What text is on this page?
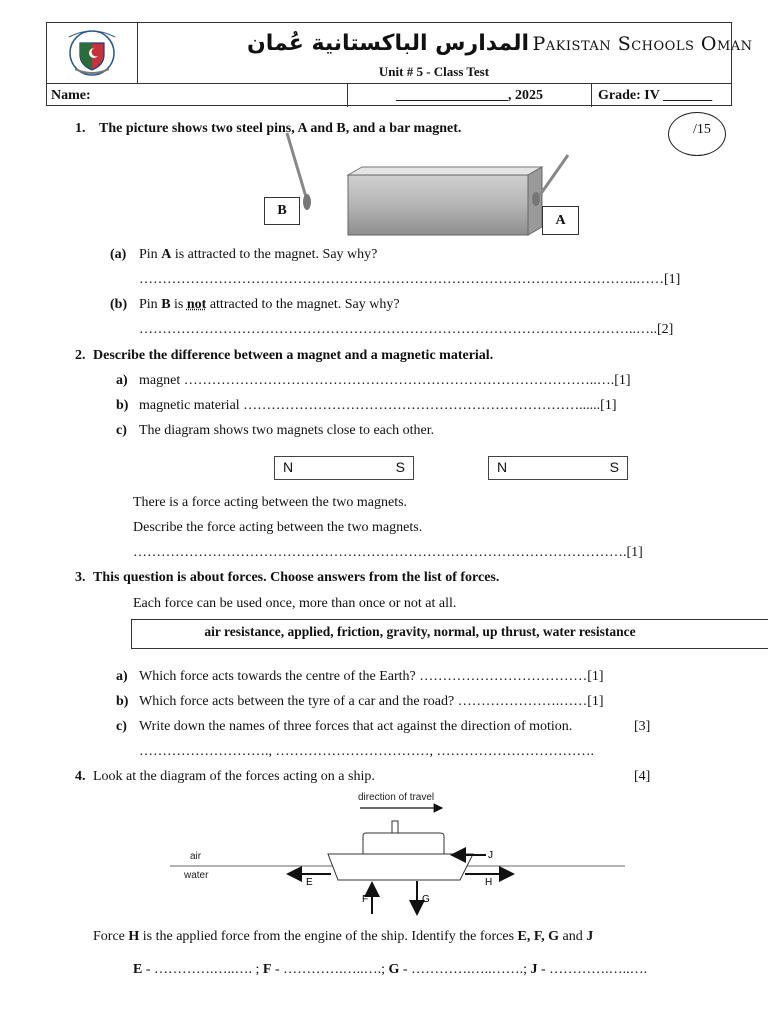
المدارس الباکستانیة عُمان Pakistan Schools Oman
Unit # 5 - Class Test
Name:	________________, 2025	Grade: IV _______
/15
1. The picture shows two steel pins, A and B, and a bar magnet.
B
A
(a) Pin A is attracted to the magnet. Say why?
……………………………………………………………………………………………..……[1]
(b) Pin B is not attracted to the magnet. Say why?
……………………………………………………………………………………………..…..[2]
2. Describe the difference between a magnet and a magnetic material.
a) magnet ……………………………………………………………………………..….[1]
b) magnetic material ………………………………………………………………......[1]
c) The diagram shows two magnets close to each other.
N	S	N	S
There is a force acting between the two magnets.
Describe the force acting between the two magnets.
…………………………………………………………………………………………….[1]
3. This question is about forces. Choose answers from the list of forces.
Each force can be used once, more than once or not at all.
air resistance, applied, friction, gravity, normal, up thrust, water resistance
a) Which force acts towards the centre of the Earth? ………………………………[1]
b) Which force acts between the tyre of a car and the road? ………………….……[1]
c) Write down the names of three forces that act against the direction of motion.	[3]
………………………., ……………………………, …………………………….
4. Look at the diagram of the forces acting on a ship.	[4]
direction of travel
air
water
E	H
J
F	G
Force H is the applied force from the engine of the ship. Identify the forces E, F, G and J
E - ………….…..…. ; F - ………….…..….; G - ………….…..…….; J - ………….…..….
